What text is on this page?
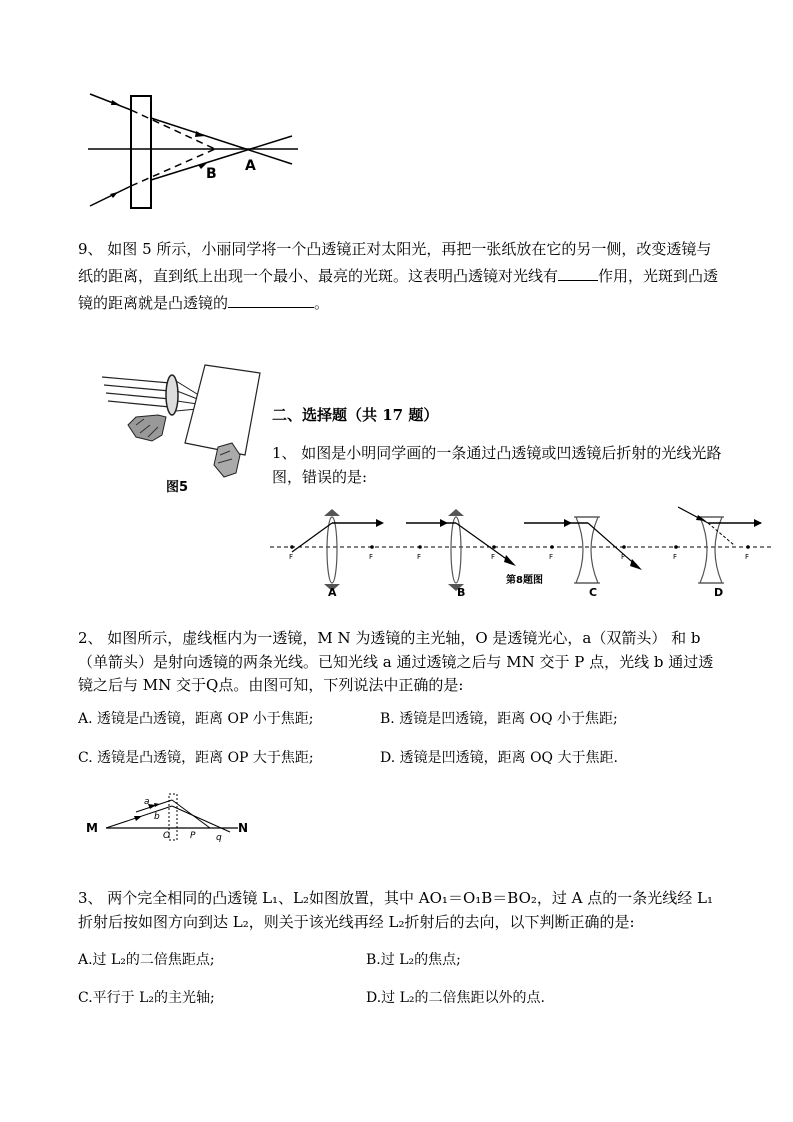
B A
9、 如图 5 所示，小丽同学将一个凸透镜正对太阳光，再把一张纸放在它的另一侧，改变透镜与纸的距离，直到纸上出现一个最小、最亮的光斑。这表明凸透镜对光线有	作用，光斑到凸透镜的距离就是凸透镜的	。
图5
二、选择题（共 17 题）
1、 如图是小明同学画的一条通过凸透镜或凹透镜后折射的光线光路图，错误的是:
F	F
A
F	F
B
第8题图
F	F
C
F	F
D
2、 如图所示，虚线框内为一透镜，M N 为透镜的主光轴，O 是透镜光心，a（双箭头） 和 b（单箭头）是射向透镜的两条光线。已知光线 a 通过透镜之后与 MN 交于 P 点，光线 b 通过透镜之后与 MN 交于Q点。由图可知，下列说法中正确的是:
A. 透镜是凸透镜，距离 OP 小于焦距;	B. 透镜是凹透镜，距离 OQ 小于焦距;
C. 透镜是凸透镜，距离 OP 大于焦距;	D. 透镜是凹透镜，距离 OQ 大于焦距.
M	N
a
b
O P q
3、 两个完全相同的凸透镜 L₁、L₂如图放置，其中 AO₁＝O₁B＝BO₂，过 A 点的一条光线经 L₁折射后按如图方向到达 L₂，则关于该光线再经 L₂折射后的去向，以下判断正确的是:
A.过 L₂的二倍焦距点;	B.过 L₂的焦点;
C.平行于 L₂的主光轴;	D.过 L₂的二倍焦距以外的点.
